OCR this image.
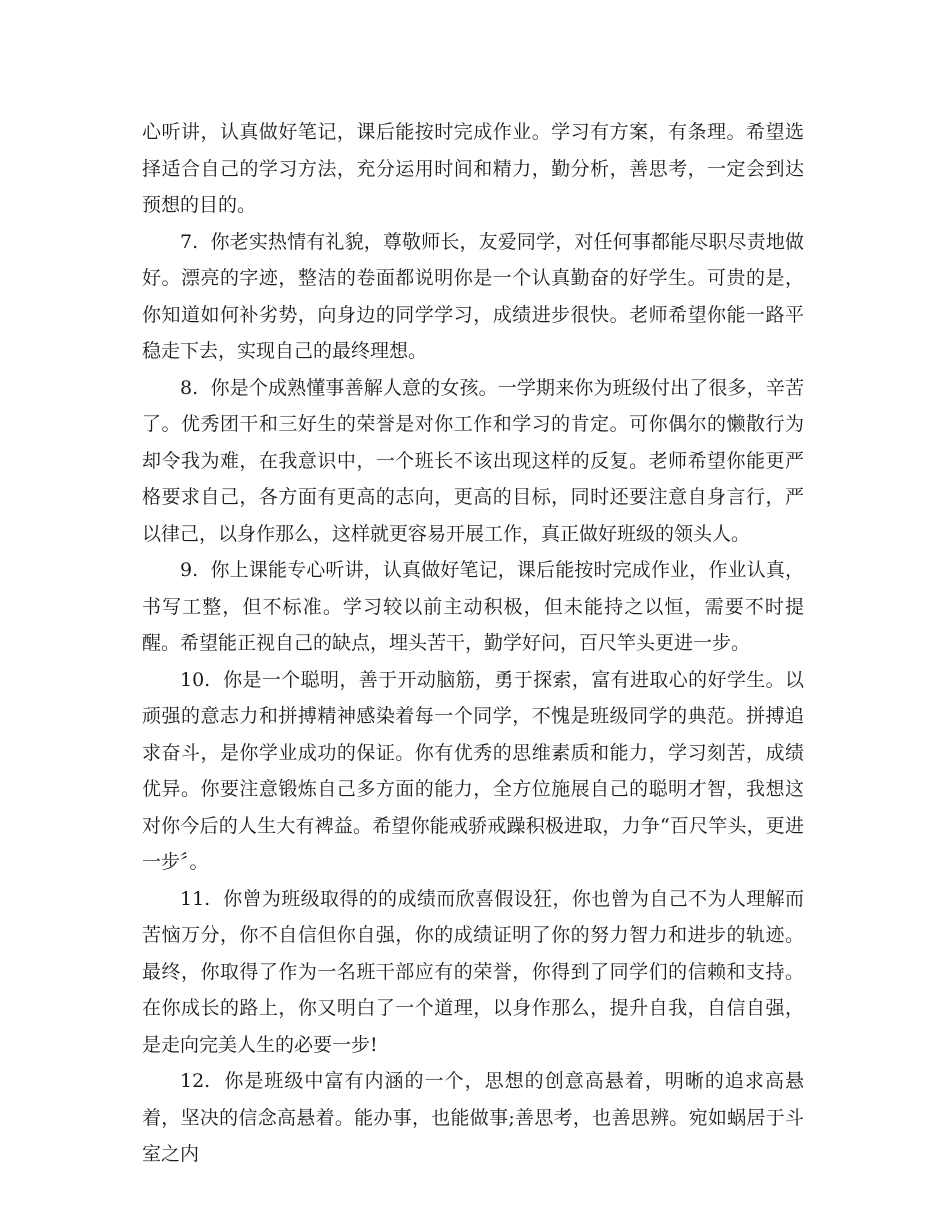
心听讲，认真做好笔记，课后能按时完成作业。学习有方案，有条理。希望选择适合自己的学习方法，充分运用时间和精力，勤分析，善思考，一定会到达预想的目的。

7. 你老实热情有礼貌，尊敬师长，友爱同学，对任何事都能尽职尽责地做好。漂亮的字迹，整洁的卷面都说明你是一个认真勤奋的好学生。可贵的是，你知道如何补劣势，向身边的同学学习，成绩进步很快。老师希望你能一路平稳走下去，实现自己的最终理想。

8. 你是个成熟懂事善解人意的女孩。一学期来你为班级付出了很多，辛苦了。优秀团干和三好生的荣誉是对你工作和学习的肯定。可你偶尔的懒散行为却令我为难，在我意识中，一个班长不该出现这样的反复。老师希望你能更严格要求自己，各方面有更高的志向，更高的目标，同时还要注意自身言行，严以律己，以身作那么，这样就更容易开展工作，真正做好班级的领头人。

9. 你上课能专心听讲，认真做好笔记，课后能按时完成作业，作业认真，书写工整，但不标准。学习较以前主动积极，但未能持之以恒，需要不时提醒。希望能正视自己的缺点，埋头苦干，勤学好问，百尺竿头更进一步。

10. 你是一个聪明，善于开动脑筋，勇于探索，富有进取心的好学生。以顽强的意志力和拼搏精神感染着每一个同学，不愧是班级同学的典范。拼搏追求奋斗，是你学业成功的保证。你有优秀的思维素质和能力，学习刻苦，成绩优异。你要注意锻炼自己多方面的能力，全方位施展自己的聪明才智，我想这对你今后的人生大有裨益。希望你能戒骄戒躁积极进取，力争“百尺竿头，更进一步〞。

11. 你曾为班级取得的的成绩而欣喜假设狂，你也曾为自己不为人理解而苦恼万分，你不自信但你自强，你的成绩证明了你的努力智力和进步的轨迹。最终，你取得了作为一名班干部应有的荣誉，你得到了同学们的信赖和支持。在你成长的路上，你又明白了一个道理，以身作那么，提升自我，自信自强，是走向完美人生的必要一步!

12. 你是班级中富有内涵的一个，思想的创意高悬着，明晰的追求高悬着，坚决的信念高悬着。能办事，也能做事;善思考，也善思辨。宛如蜗居于斗室之内
